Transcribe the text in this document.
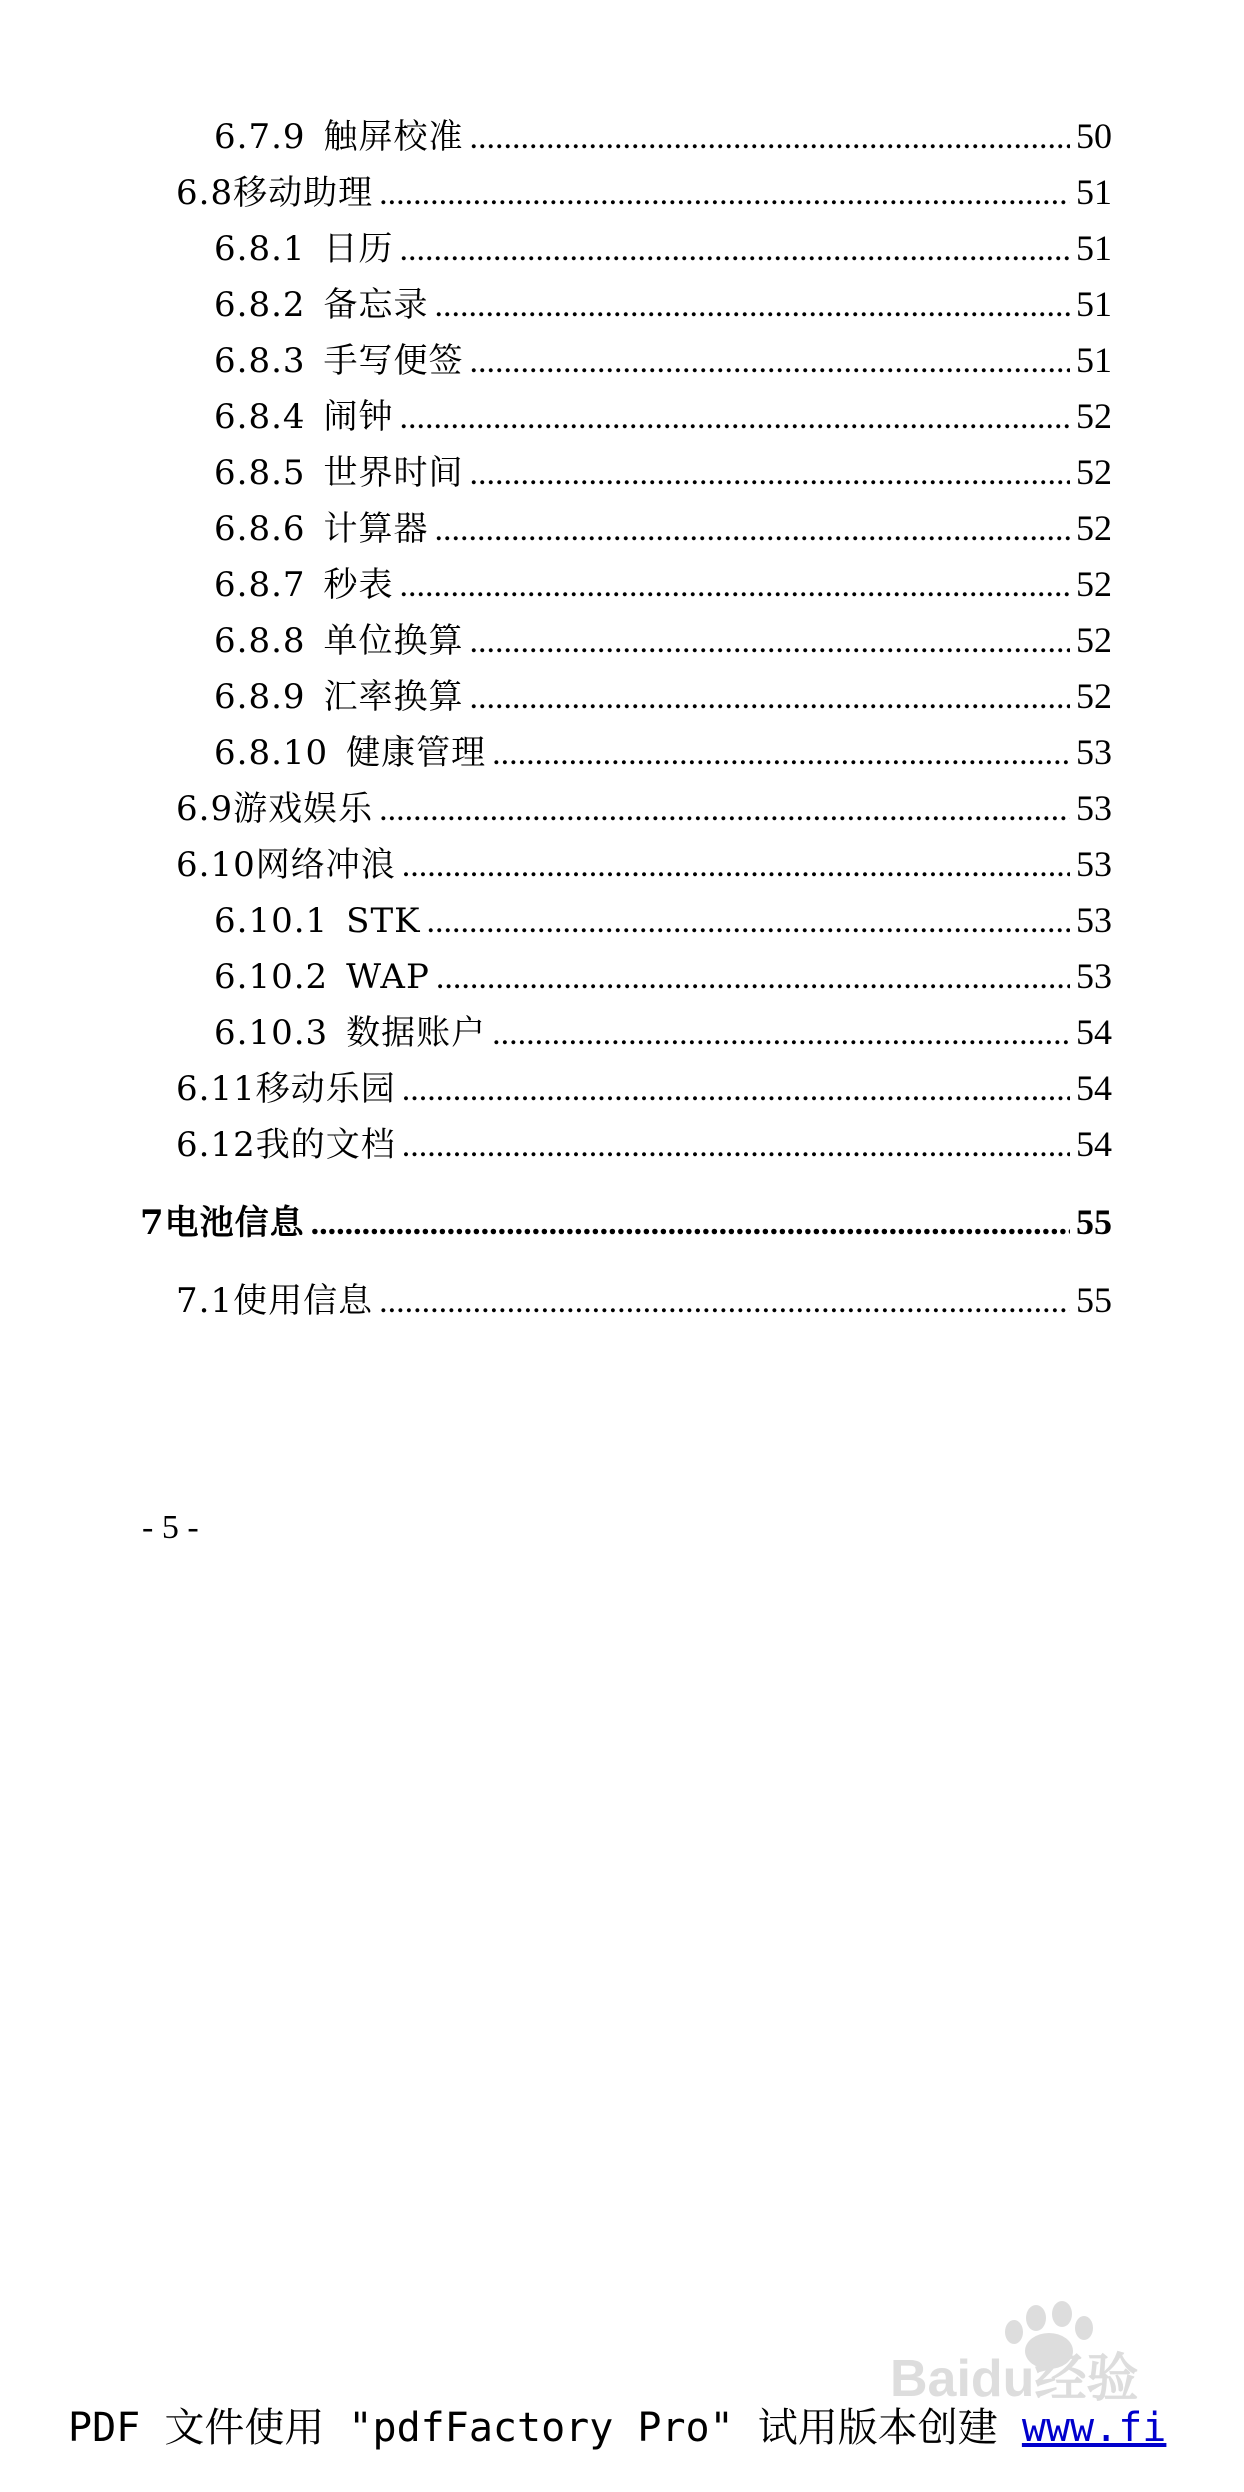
6.7.9 触屏校准 .....	50
6.8 移动助理 .....	51
6.8.1 日历 .....	51
6.8.2 备忘录 .....	51
6.8.3 手写便签 .....	51
6.8.4 闹钟 .....	52
6.8.5 世界时间 .....	52
6.8.6 计算器 .....	52
6.8.7 秒表 .....	52
6.8.8 单位换算 .....	52
6.8.9 汇率换算 .....	52
6.8.10 健康管理 .....	53
6.9 游戏娱乐 .....	53
6.10 网络冲浪 .....	53
6.10.1 STK .....	53
6.10.2 WAP .....	53
6.10.3 数据账户 .....	54
6.11 移动乐园 .....	54
6.12 我的文档 .....	54
7 电池信息 .....	55
7.1 使用信息 .....	55
- 5 -
PDF 文件使用 "pdfFactory Pro" 试用版本创建 www.fi
Baidu经验
